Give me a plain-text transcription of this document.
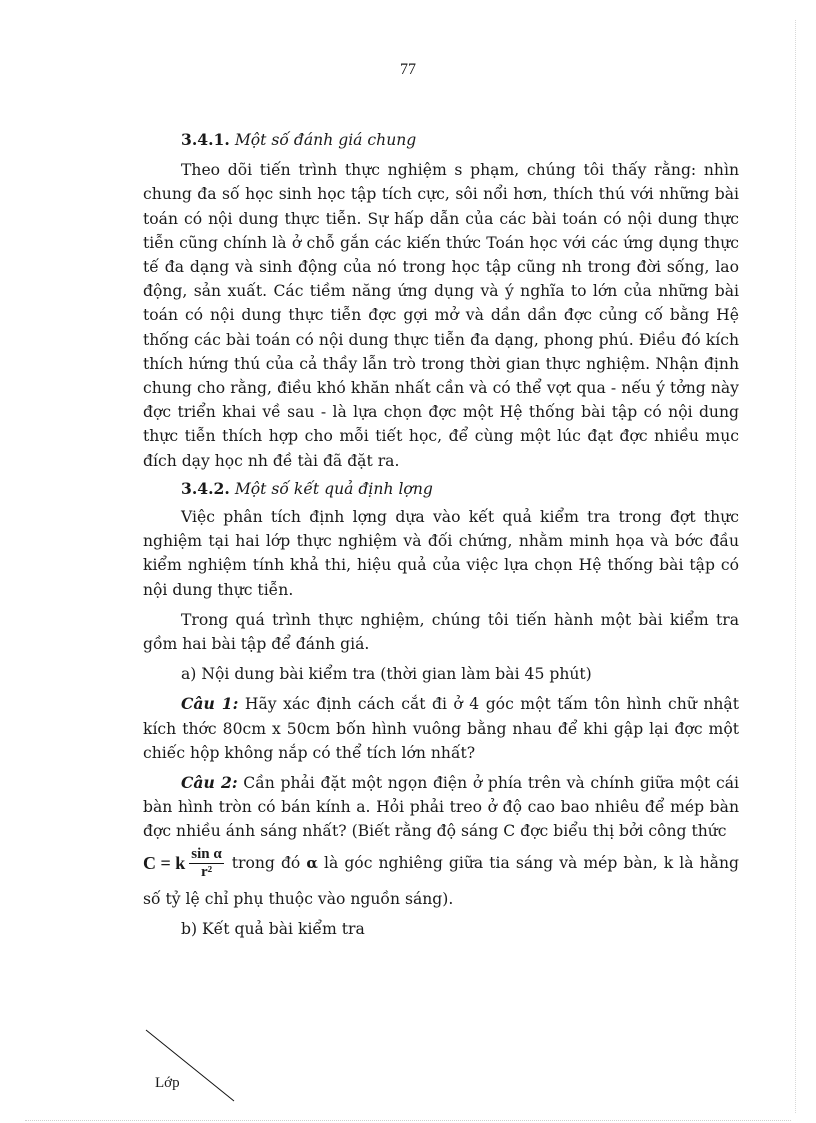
77

3.4.1. Một số đánh giá chung

Theo dõi tiến trình thực nghiệm s phạm, chúng tôi thấy rằng: nhìn chung đa số học sinh học tập tích cực, sôi nổi hơn, thích thú với những bài toán có nội dung thực tiễn. Sự hấp dẫn của các bài toán có nội dung thực tiễn cũng chính là ở chỗ gắn các kiến thức Toán học với các ứng dụng thực tế đa dạng và sinh động của nó trong học tập cũng nh trong đời sống, lao động, sản xuất. Các tiềm năng ứng dụng và ý nghĩa to lớn của những bài toán có nội dung thực tiễn đợc gợi mở và dần dần đợc củng cố bằng Hệ thống các bài toán có nội dung thực tiễn đa dạng, phong phú. Điều đó kích thích hứng thú của cả thầy lẫn trò trong thời gian thực nghiệm. Nhận định chung cho rằng, điều khó khăn nhất cần và có thể vợt qua - nếu ý tởng này đợc triển khai về sau - là lựa chọn đợc một Hệ thống bài tập có nội dung thực tiễn thích hợp cho mỗi tiết học, để cùng một lúc đạt đợc nhiều mục đích dạy học nh đề tài đã đặt ra.

3.4.2. Một số kết quả định lợng

Việc phân tích định lợng dựa vào kết quả kiểm tra trong đợt thực nghiệm tại hai lớp thực nghiệm và đối chứng, nhằm minh họa và bớc đầu kiểm nghiệm tính khả thi, hiệu quả của việc lựa chọn Hệ thống bài tập có nội dung thực tiễn.

Trong quá trình thực nghiệm, chúng tôi tiến hành một bài kiểm tra gồm hai bài tập để đánh giá.

a) Nội dung bài kiểm tra (thời gian làm bài 45 phút)

Câu 1: Hãy xác định cách cắt đi ở 4 góc một tấm tôn hình chữ nhật kích thớc 80cm x 50cm bốn hình vuông bằng nhau để khi gập lại đợc một chiếc hộp không nắp có thể tích lớn nhất?

Câu 2: Cần phải đặt một ngọn điện ở phía trên và chính giữa một cái bàn hình tròn có bán kính a. Hỏi phải treo ở độ cao bao nhiêu để mép bàn đợc nhiều ánh sáng nhất? (Biết rằng độ sáng C đợc biểu thị bởi công thức

C = k $\frac{\text{sin α}}{\text{r²}}$ trong đó α là góc nghiêng giữa tia sáng và mép bàn, k là hằng

số tỷ lệ chỉ phụ thuộc vào nguồn sáng).

b) Kết quả bài kiểm tra

Lớp
